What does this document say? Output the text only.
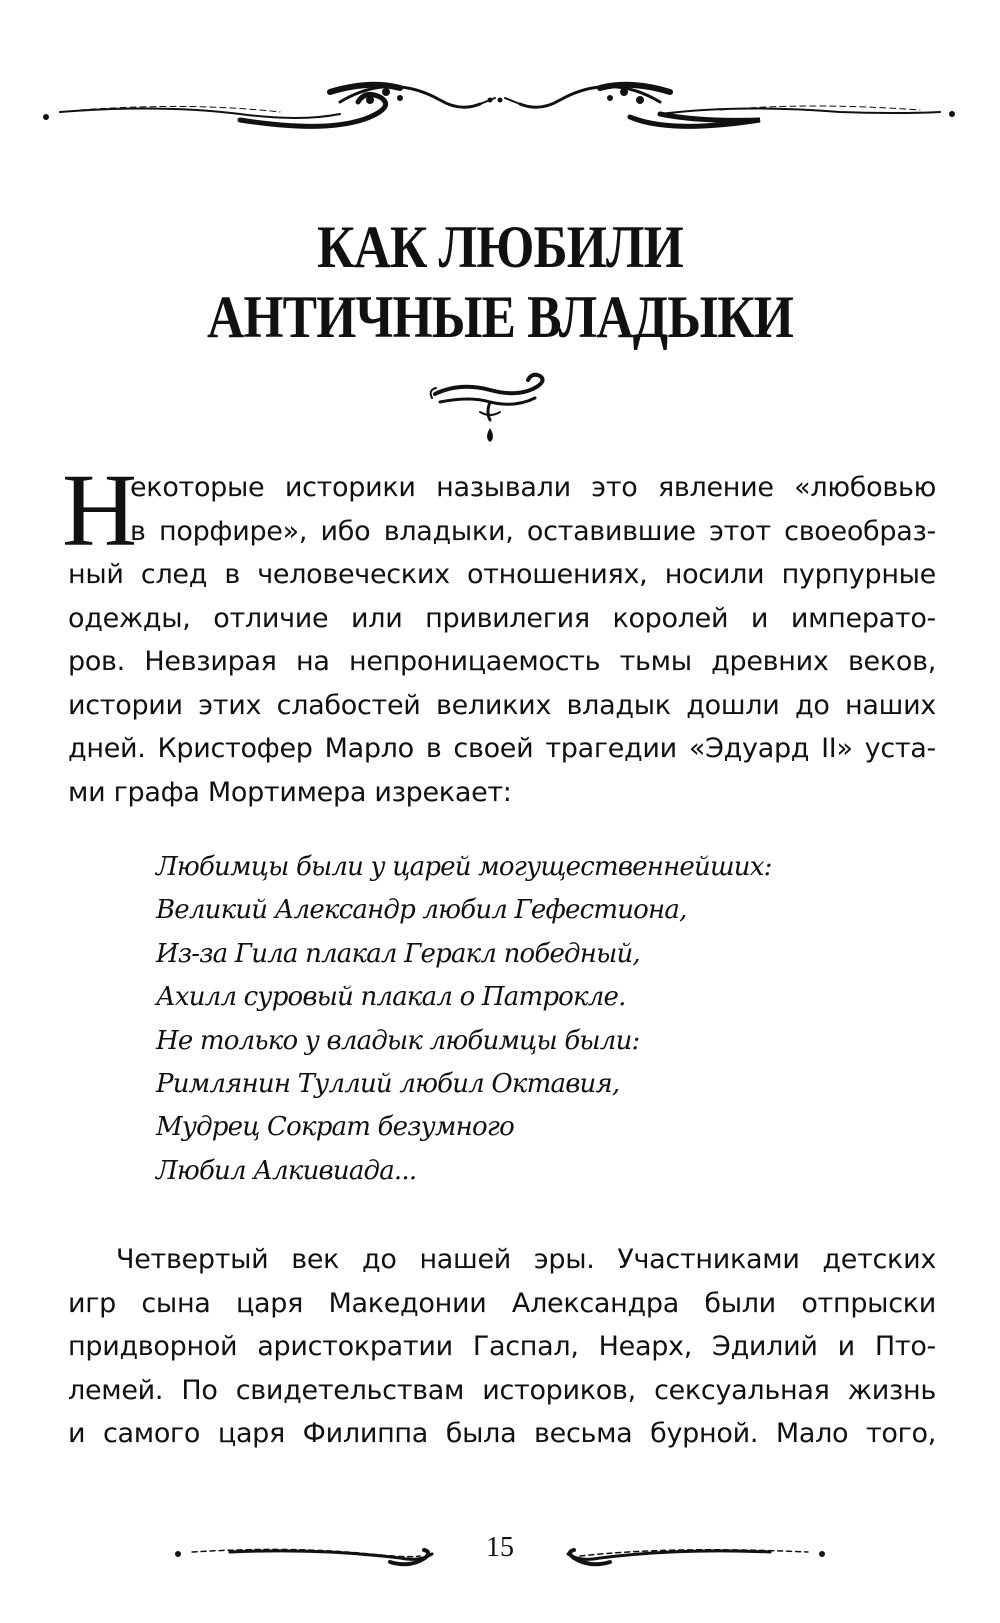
КАК ЛЮБИЛИ
АНТИЧНЫЕ ВЛАДЫКИ
Н
екоторые историки называли это явление «любовью
в порфире», ибо владыки, оставившие этот своеобраз-
ный след в человеческих отношениях, носили пурпурные
одежды, отличие или привилегия королей и императо-
ров. Невзирая на непроницаемость тьмы древних веков,
истории этих слабостей великих владык дошли до наших
дней. Кристофер Марло в своей трагедии «Эдуард II» уста-
ми графа Мортимера изрекает:
Любимцы были у царей могущественнейших:
Великий Александр любил Гефестиона,
Из-за Гила плакал Геракл победный,
Ахилл суровый плакал о Патрокле.
Не только у владык любимцы были:
Римлянин Туллий любил Октавия,
Мудрец Сократ безумного
Любил Алкивиада...
Четвертый век до нашей эры. Участниками детских
игр сына царя Македонии Александра были отпрыски
придворной аристократии Гаспал, Неарх, Эдилий и Пто-
лемей. По свидетельствам историков, сексуальная жизнь
и самого царя Филиппа была весьма бурной. Мало того,
15
